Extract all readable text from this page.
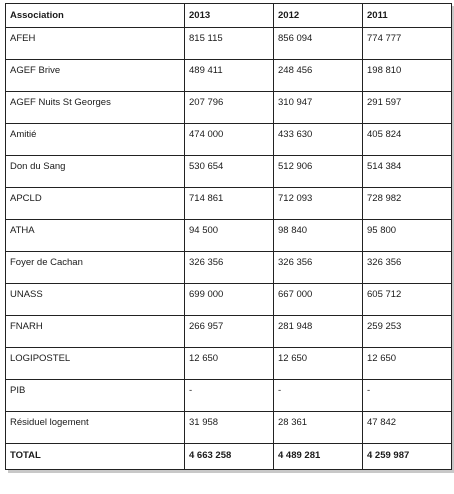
Association	2013	2012	2011
AFEH	815 115	856 094	774 777
AGEF Brive	489 411	248 456	198 810
AGEF Nuits St Georges	207 796	310 947	291 597
Amitié	474 000	433 630	405 824
Don du Sang	530 654	512 906	514 384
APCLD	714 861	712 093	728 982
ATHA	94 500	98 840	95 800
Foyer de Cachan	326 356	326 356	326 356
UNASS	699 000	667 000	605 712
FNARH	266 957	281 948	259 253
LOGIPOSTEL	12 650	12 650	12 650
PIB	-	-	-
Résiduel logement	31 958	28 361	47 842
TOTAL	4 663 258	4 489 281	4 259 987
